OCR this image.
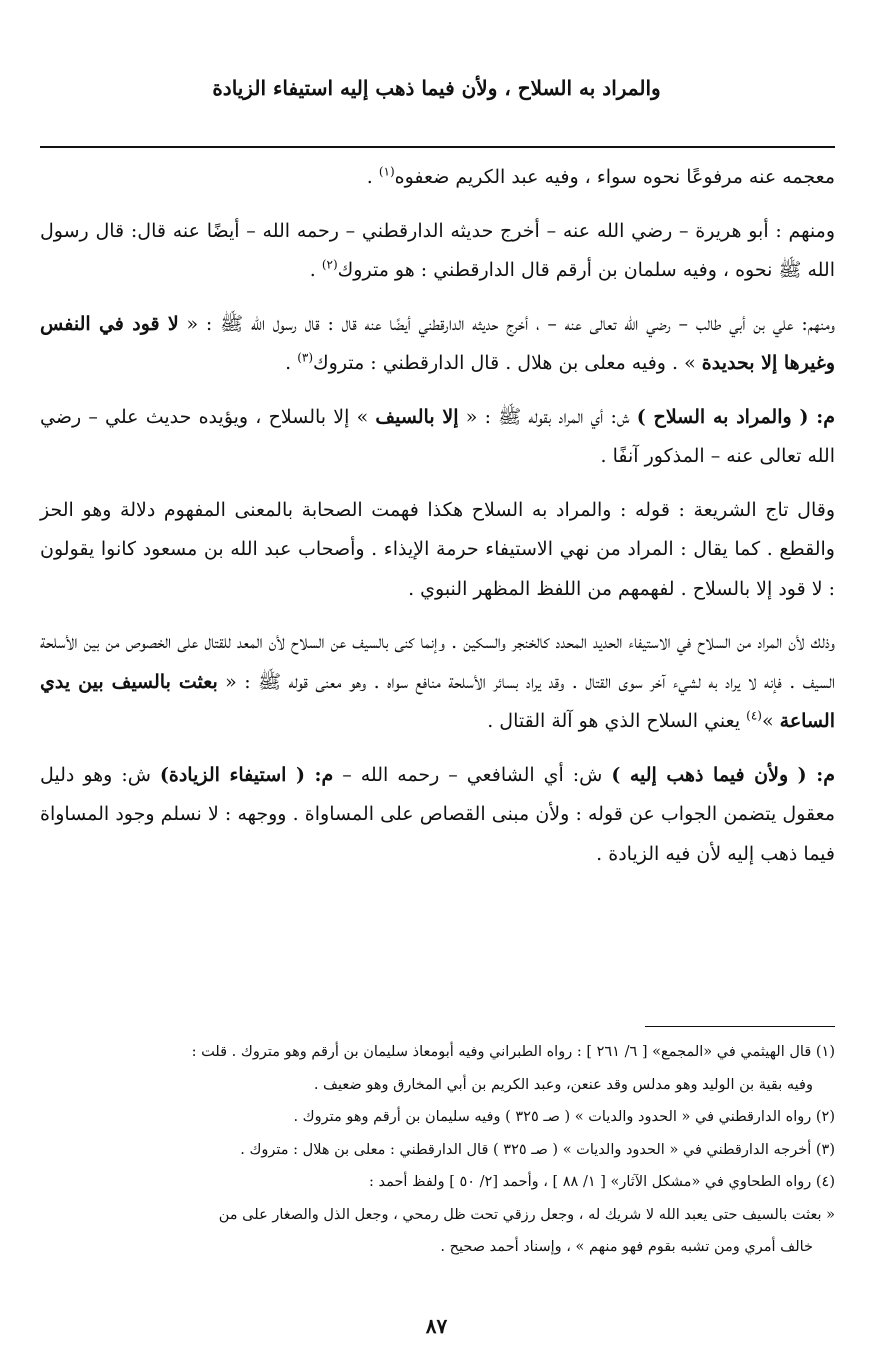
والمراد به السلاح ، ولأن فيما ذهب إليه استيفاء الزيادة

معجمه عنه مرفوعًا نحوه سواء ، وفيه عبد الكريم ضعفوه$^{(١)}$ .

ومنهم : أبو هريرة – رضي الله عنه – أخرج حديثه الدارقطني – رحمه الله – أيضًا عنه قال: قال رسول الله ﷺ نحوه ، وفيه سلمان بن أرقم قال الدارقطني : هو متروك$^{(٢)}$ .

ومنهم: علي بن أبي طالب – رضي الله تعالى عنه – ، أخرج حديثه الدارقطني أيضًا عنه قال : قال رسول الله ﷺ : « لا قود في النفس وغيرها إلا بحديدة » . وفيه معلى بن هلال . قال الدارقطني : متروك$^{(٣)}$ .

م: ( والمراد به السلاح ) ش: أي المراد بقوله ﷺ : « إلا بالسيف » إلا بالسلاح ، ويؤيده حديث علي – رضي الله تعالى عنه – المذكور آنفًا .

وقال تاج الشريعة : قوله : والمراد به السلاح هكذا فهمت الصحابة بالمعنى المفهوم دلالة وهو الحز والقطع . كما يقال : المراد من نهي الاستيفاء حرمة الإيذاء . وأصحاب عبد الله بن مسعود كانوا يقولون : لا قود إلا بالسلاح . لفهمهم من اللفظ المظهر النبوي .

وذلك لأن المراد من السلاح في الاستيفاء الحديد المحدد كالخنجر والسكين . وإنما كنى بالسيف عن السلاح لأن المعد للقتال على الخصوص من بين الأسلحة السيف . فإنه لا يراد به لشيء آخر سوى القتال . وقد يراد بسائر الأسلحة منافع سواه . وهو معنى قوله ﷺ : « بعثت بالسيف بين يدي الساعة »$^{(٤)}$ يعني السلاح الذي هو آلة القتال .

م: ( ولأن فيما ذهب إليه ) ش: أي الشافعي – رحمه الله – م: ( استيفاء الزيادة) ش: وهو دليل معقول يتضمن الجواب عن قوله : ولأن مبنى القصاص على المساواة . ووجهه : لا نسلم وجود المساواة فيما ذهب إليه لأن فيه الزيادة .

(١) قال الهيثمي في «المجمع» [ ٦/ ٢٦١ ] : رواه الطبراني وفيه أبومعاذ سليمان بن أرقم وهو متروك . قلت :
وفيه بقية بن الوليد وهو مدلس وقد عنعن، وعبد الكريم بن أبي المخارق وهو ضعيف .
(٢) رواه الدارقطني في « الحدود والديات » ( صـ ٣٢٥ ) وفيه سليمان بن أرقم وهو متروك .
(٣) أخرجه الدارقطني في « الحدود والديات » ( صـ ٣٢٥ ) قال الدارقطني : معلى بن هلال : متروك .
(٤) رواه الطحاوي في «مشكل الآثار» [ ١/ ٨٨ ] ، وأحمد [٢/ ٥٠ ] ولفظ أحمد :
« بعثت بالسيف حتى يعبد الله لا شريك له ، وجعل رزقي تحت ظل رمحي ، وجعل الذل والصغار على من
خالف أمري ومن تشبه بقوم فهو منهم » ، وإسناد أحمد صحيح .
٨٧
